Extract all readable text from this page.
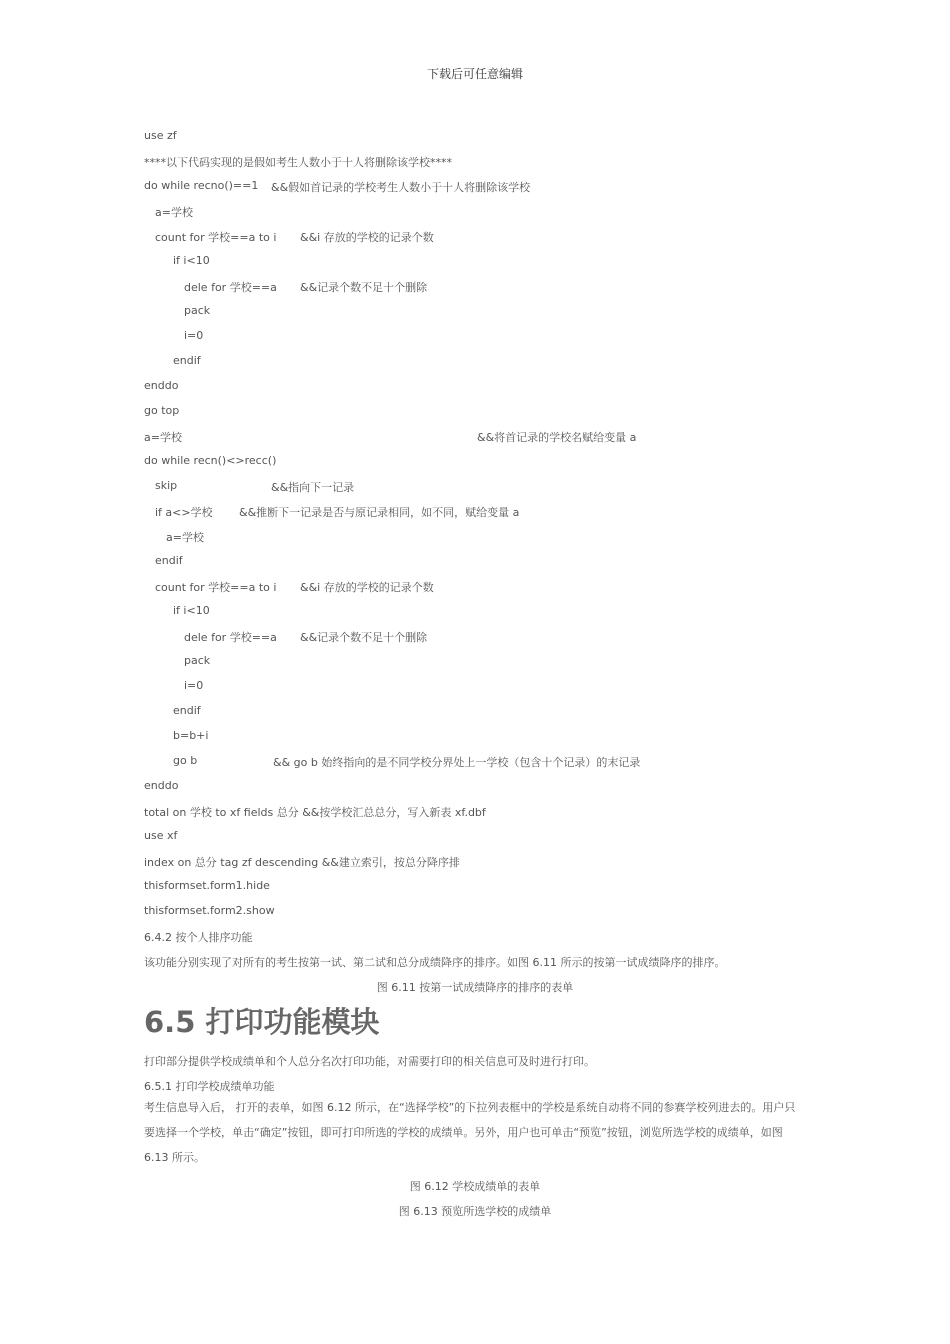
下载后可任意编辑
use zf
****以下代码实现的是假如考生人数小于十人将删除该学校****
do while recno()==1 &&假如首记录的学校考生人数小于十人将删除该学校
a=学校
count for 学校==a to i &&i 存放的学校的记录个数
if i<10
dele for 学校==a &&记录个数不足十个删除
pack
i=0
endif
enddo
go top
a=学校	&&将首记录的学校名赋给变量 a
do while recn()<>recc()
skip	&&指向下一记录
if a<>学校 &&推断下一记录是否与原记录相同，如不同，赋给变量 a
a=学校
endif
count for 学校==a to i &&i 存放的学校的记录个数
if i<10
dele for 学校==a &&记录个数不足十个删除
pack
i=0
endif
b=b+i
go b	&& go b 始终指向的是不同学校分界处上一学校（包含十个记录）的末记录
enddo
total on 学校 to xf fields 总分 &&按学校汇总总分，写入新表 xf.dbf
use xf
index on 总分 tag zf descending &&建立索引，按总分降序排
thisformset.form1.hide
thisformset.form2.show
6.4.2 按个人排序功能
该功能分别实现了对所有的考生按第一试、第二试和总分成绩降序的排序。如图 6.11 所示的按第一试成绩降序的排序。
图 6.11 按第一试成绩降序的排序的表单
6.5 打印功能模块
打印部分提供学校成绩单和个人总分名次打印功能，对需要打印的相关信息可及时进行打印。
6.5.1 打印学校成绩单功能
考生信息导入后， 打开的表单，如图 6.12 所示，在“选择学校”的下拉列表框中的学校是系统自动将不同的参赛学校列进去的。用户只要选择一个学校，单击“确定”按钮，即可打印所选的学校的成绩单。另外，用户也可单击“预览”按钮，浏览所选学校的成绩单，如图 6.13 所示。
图 6.12 学校成绩单的表单
图 6.13 预览所选学校的成绩单
